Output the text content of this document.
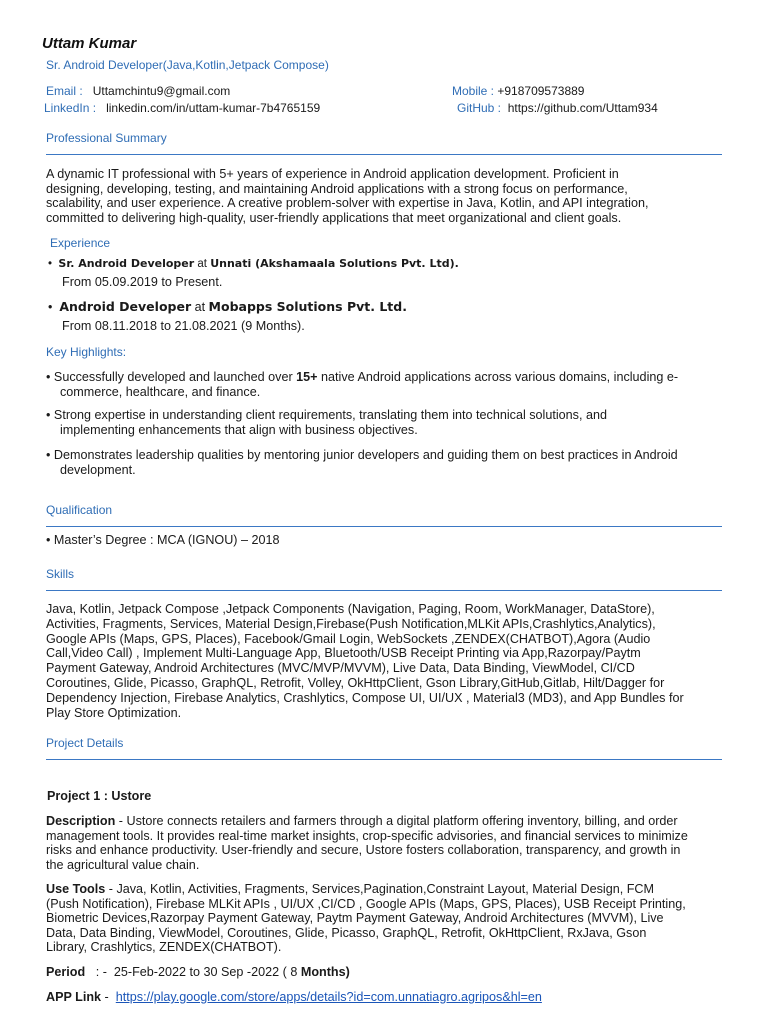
Uttam Kumar
Sr. Android Developer(Java,Kotlin,Jetpack Compose)
Email : Uttamchintu9@gmail.com
LinkedIn : linkedin.com/in/uttam-kumar-7b4765159
Mobile : +918709573889
GitHub : https://github.com/Uttam934
Professional Summary
A dynamic IT professional with 5+ years of experience in Android application development. Proficient in
designing, developing, testing, and maintaining Android applications with a strong focus on performance,
scalability, and user experience. A creative problem-solver with expertise in Java, Kotlin, and API integration,
committed to delivering high-quality, user-friendly applications that meet organizational and client goals.
Experience
•  Sr. Android Developer at Unnati (Akshamaala Solutions Pvt. Ltd).
From 05.09.2019 to Present.
•  Android Developer at Mobapps Solutions Pvt. Ltd.
From 08.11.2018 to 21.08.2021 (9 Months).
Key Highlights:
• Successfully developed and launched over 15+ native Android applications across various domains, including e-
commerce, healthcare, and finance.
• Strong expertise in understanding client requirements, translating them into technical solutions, and
implementing enhancements that align with business objectives.
• Demonstrates leadership qualities by mentoring junior developers and guiding them on best practices in Android
development.
Qualification
• Master’s Degree : MCA (IGNOU) – 2018
Skills
Java, Kotlin, Jetpack Compose ,Jetpack Components (Navigation, Paging, Room, WorkManager, DataStore),
Activities, Fragments, Services, Material Design,Firebase(Push Notification,MLKit APIs,Crashlytics,Analytics),
Google APIs (Maps, GPS, Places), Facebook/Gmail Login, WebSockets ,ZENDEX(CHATBOT),Agora (Audio
Call,Video Call) , Implement Multi-Language App, Bluetooth/USB Receipt Printing via App,Razorpay/Paytm
Payment Gateway, Android Architectures (MVC/MVP/MVVM), Live Data, Data Binding, ViewModel, CI/CD
Coroutines, Glide, Picasso, GraphQL, Retrofit, Volley, OkHttpClient, Gson Library,GitHub,Gitlab, Hilt/Dagger for
Dependency Injection, Firebase Analytics, Crashlytics, Compose UI, UI/UX , Material3 (MD3), and App Bundles for
Play Store Optimization.
Project Details
Project 1 : Ustore
Description - Ustore connects retailers and farmers through a digital platform offering inventory, billing, and order
management tools. It provides real-time market insights, crop-specific advisories, and financial services to minimize
risks and enhance productivity. User-friendly and secure, Ustore fosters collaboration, transparency, and growth in
the agricultural value chain.
Use Tools - Java, Kotlin, Activities, Fragments, Services,Pagination,Constraint Layout, Material Design, FCM
(Push Notification), Firebase MLKit APIs , UI/UX ,CI/CD , Google APIs (Maps, GPS, Places), USB Receipt Printing,
Biometric Devices,Razorpay Payment Gateway, Paytm Payment Gateway, Android Architectures (MVVM), Live
Data, Data Binding, ViewModel, Coroutines, Glide, Picasso, GraphQL, Retrofit, OkHttpClient, RxJava, Gson
Library, Crashlytics, ZENDEX(CHATBOT).
Period   : -  25-Feb-2022 to 30 Sep -2022 ( 8 Months)
APP Link -  https://play.google.com/store/apps/details?id=com.unnatiagro.agripos&hl=en
